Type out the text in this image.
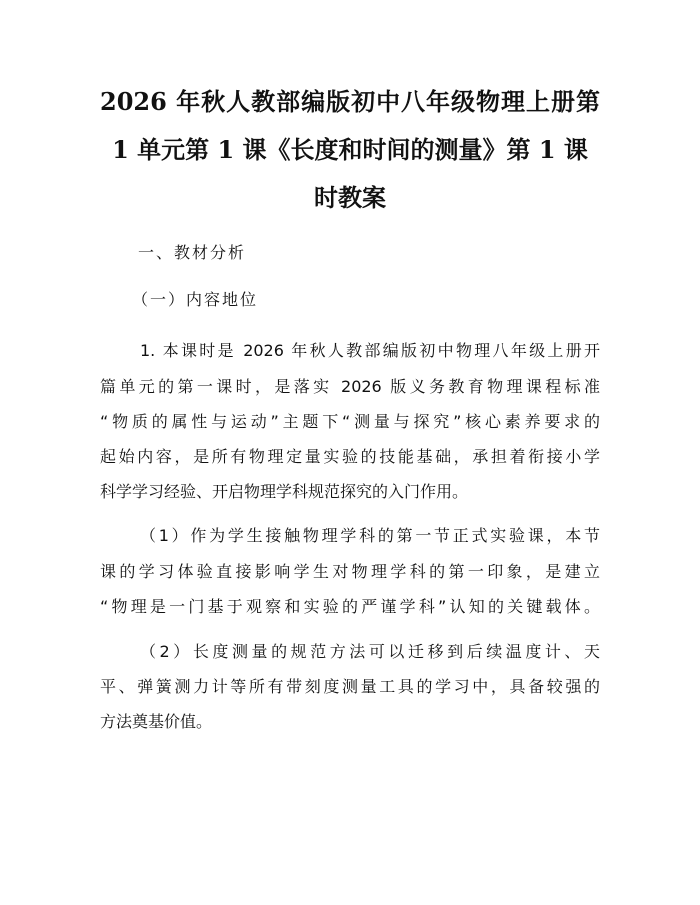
2026 年秋人教部编版初中八年级物理上册第
1 单元第 1 课《长度和时间的测量》第 1 课
时教案
一、教材分析
（一）内容地位
1. 本课时是 2026 年秋人教部编版初中物理八年级上册开
篇单元的第一课时，是落实 2026 版义务教育物理课程标准
“物质的属性与运动”主题下“测量与探究”核心素养要求的
起始内容，是所有物理定量实验的技能基础，承担着衔接小学
科学学习经验、开启物理学科规范探究的入门作用。
（1）作为学生接触物理学科的第一节正式实验课，本节
课的学习体验直接影响学生对物理学科的第一印象，是建立
“物理是一门基于观察和实验的严谨学科”认知的关键载体。
（2）长度测量的规范方法可以迁移到后续温度计、天
平、弹簧测力计等所有带刻度测量工具的学习中，具备较强的
方法奠基价值。
